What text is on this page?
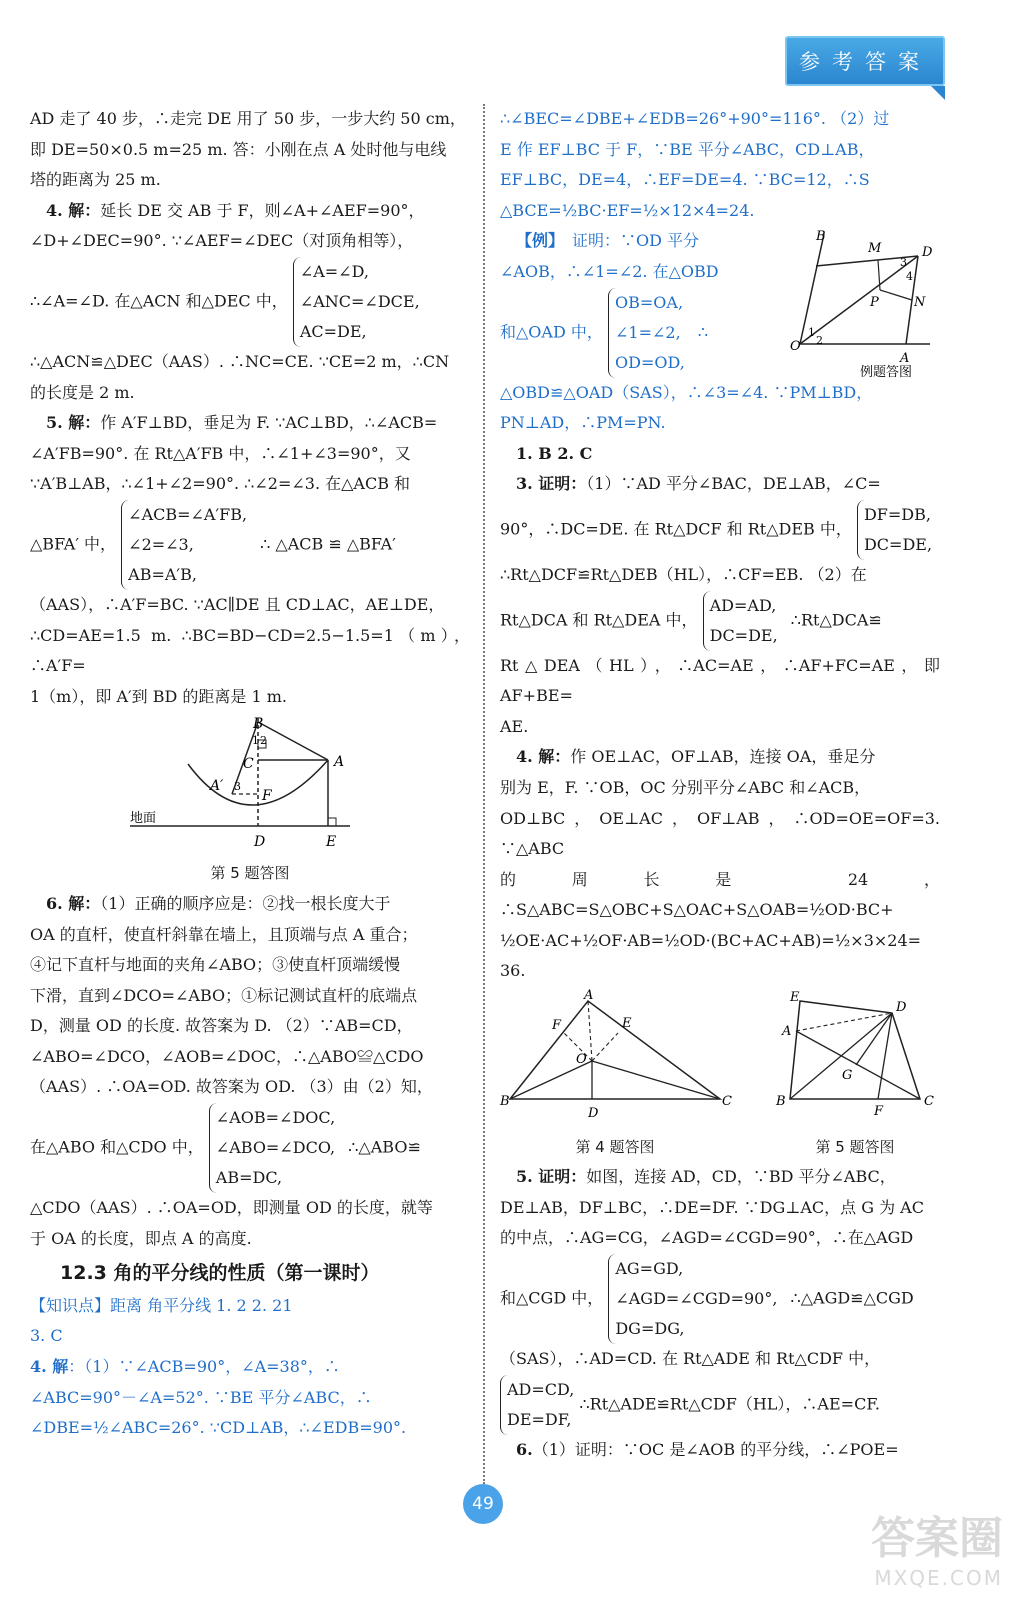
参考答案

AD 走了 40 步，∴走完 DE 用了 50 步，一步大约 50 cm，

即 DE=50×0.5 m=25 m. 答：小刚在点 A 处时他与电线

塔的距离为 25 m.

 4. 解：延长 DE 交 AB 于 F，则∠A+∠AEF=90°，

∠D+∠DEC=90°. ∵∠AEF=∠DEC（对顶角相等），

∴∠A=∠D. 在△ACN 和△DEC 中， ∠A=∠D,
∠ANC=∠DCE,
AC=DE,

∴△ACN≌△DEC（AAS）. ∴NC=CE. ∵CE=2 m，∴CN

的长度是 2 m.

 5. 解：作 A′F⊥BD，垂足为 F. ∵AC⊥BD，∴∠ACB=

∠A′FB=90°. 在 Rt△A′FB 中，∴∠1+∠3=90°，又

∵A′B⊥AB，∴∠1+∠2=90°. ∴∠2=∠3. 在△ACB 和

△BFA′ 中， ∠ACB=∠A′FB,
∠2=∠3,
AB=A′B,  ∴ △ACB ≌ △BFA′

（AAS），∴A′F=BC. ∵AC∥DE 且 CD⊥AC，AE⊥DE，

∴CD=AE=1.5 m. ∴BC=BD−CD=2.5−1.5=1（m），∴A′F=

1（m），即 A′到 BD 的距离是 1 m.

B
C	A
A′
F
D	E
1 2
3
地面
第 5 题答图

 6. 解：（1）正确的顺序应是：②找一根长度大于

OA 的直杆，使直杆斜靠在墙上，且顶端与点 A 重合；

④记下直杆与地面的夹角∠ABO；③使直杆顶端缓慢

下滑，直到∠DCO=∠ABO；①标记测试直杆的底端点

D，测量 OD 的长度. 故答案为 D. （2）∵AB=CD，

∠ABO=∠DCO，∠AOB=∠DOC，∴△ABO≌△CDO

（AAS）. ∴OA=OD. 故答案为 OD. （3）由（2）知，

在△ABO 和△CDO 中， ∠AOB=∠DOC,
∠ABO=∠DCO,
AB=DC,  ∴△ABO≌

△CDO（AAS）. ∴OA=OD，即测量 OD 的长度，就等

于 OA 的长度，即点 A 的高度.

12.3 角的平分线的性质（第一课时）

【知识点】距离 角平分线 1. 2 2. 21

3. C

4. 解：（1）∵∠ACB=90°，∠A=38°，∴

∠ABC=90°－∠A=52°. ∵BE 平分∠ABC，∴

∠DBE=½∠ABC=26°. ∵CD⊥AB，∴∠EDB=90°.

∴∠BEC=∠DBE+∠EDB=26°+90°=116°. （2）过

E 作 EF⊥BC 于 F，∵BE 平分∠ABC，CD⊥AB，

EF⊥BC，DE=4，∴EF=DE=4. ∵BC=12，∴S

△BCE=½BC·EF=½×12×4=24.

B
M	D
P	N
O
A
1
2
3
4
例题答图

 【例】  证明：∵OD 平分

∠AOB，∴∠1=∠2. 在△OBD

和△OAD 中， OB=OA,
∠1=∠2,
OD=OD,  ∴

△OBD≌△OAD（SAS），∴∠3=∠4. ∵PM⊥BD，

PN⊥AD，∴PM=PN.

 1. B 2. C

 3. 证明：（1）∵AD 平分∠BAC，DE⊥AB，∠C=

90°，∴DC=DE. 在 Rt△DCF 和 Rt△DEB 中， DF=DB,
DC=DE,

∴Rt△DCF≌Rt△DEB（HL），∴CF=EB. （2）在

Rt△DCA 和 Rt△DEA 中， AD=AD,
DC=DE,  ∴Rt△DCA≌

Rt△DEA（HL），∴AC=AE，∴AF+FC=AE，即 AF+BE=

AE.

 4. 解：作 OE⊥AC，OF⊥AB，连接 OA，垂足分

别为 E，F. ∵OB，OC 分别平分∠ABC 和∠ACB，

OD⊥BC，OE⊥AC，OF⊥AB，∴OD=OE=OF=3. ∵△ABC

的周长是 24，∴S△ABC=S△OBC+S△OAC+S△OAB=½OD·BC+

½OE·AC+½OF·AB=½OD·(BC+AC+AB)=½×3×24=

36.

A
F	E
O
B
D
C
第 4 题答图
E
D
A
G
B
F
C
第 5 题答图

 5. 证明：如图，连接 AD，CD，∵BD 平分∠ABC，

DE⊥AB，DF⊥BC，∴DE=DF. ∵DG⊥AC，点 G 为 AC

的中点，∴AG=CG，∠AGD=∠CGD=90°，∴在△AGD

和△CGD 中， AG=GD,
∠AGD=∠CGD=90°,
DG=DG,  ∴△AGD≌△CGD

（SAS），∴AD=CD. 在 Rt△ADE 和 Rt△CDF 中，

AD=CD,
DE=DF, ∴Rt△ADE≌Rt△CDF（HL），∴AE=CF.

 6.（1）证明：∵OC 是∠AOB 的平分线，∴∠POE=

49
答案圈
MXQE.COM
